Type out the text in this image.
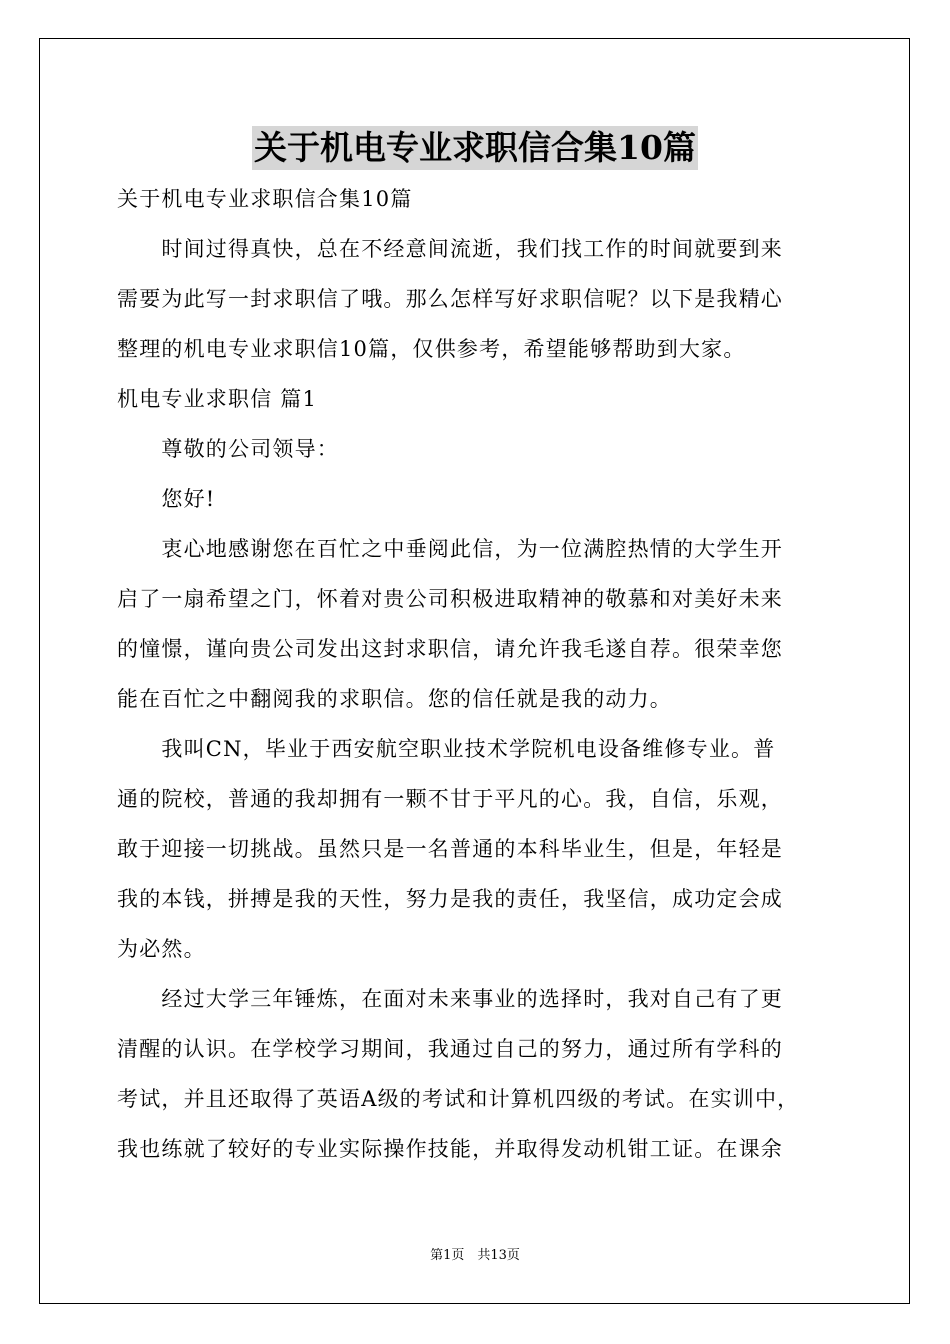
关于机电专业求职信合集10篇
关于机电专业求职信合集10篇
　　时间过得真快，总在不经意间流逝，我们找工作的时间就要到来
需要为此写一封求职信了哦。那么怎样写好求职信呢？以下是我精心
整理的机电专业求职信10篇，仅供参考，希望能够帮助到大家。
机电专业求职信 篇1
　　尊敬的公司领导：
　　您好!
　　衷心地感谢您在百忙之中垂阅此信，为一位满腔热情的大学生开
启了一扇希望之门，怀着对贵公司积极进取精神的敬慕和对美好未来
的憧憬，谨向贵公司发出这封求职信，请允许我毛遂自荐。很荣幸您
能在百忙之中翻阅我的求职信。您的信任就是我的动力。
　　我叫CN，毕业于西安航空职业技术学院机电设备维修专业。普
通的院校，普通的我却拥有一颗不甘于平凡的心。我，自信，乐观，
敢于迎接一切挑战。虽然只是一名普通的本科毕业生，但是，年轻是
我的本钱，拼搏是我的天性，努力是我的责任，我坚信，成功定会成
为必然。
　　经过大学三年锤炼，在面对未来事业的选择时，我对自己有了更
清醒的认识。在学校学习期间，我通过自己的努力，通过所有学科的
考试，并且还取得了英语A级的考试和计算机四级的考试。在实训中，
我也练就了较好的专业实际操作技能，并取得发动机钳工证。在课余
第1页　共13页
